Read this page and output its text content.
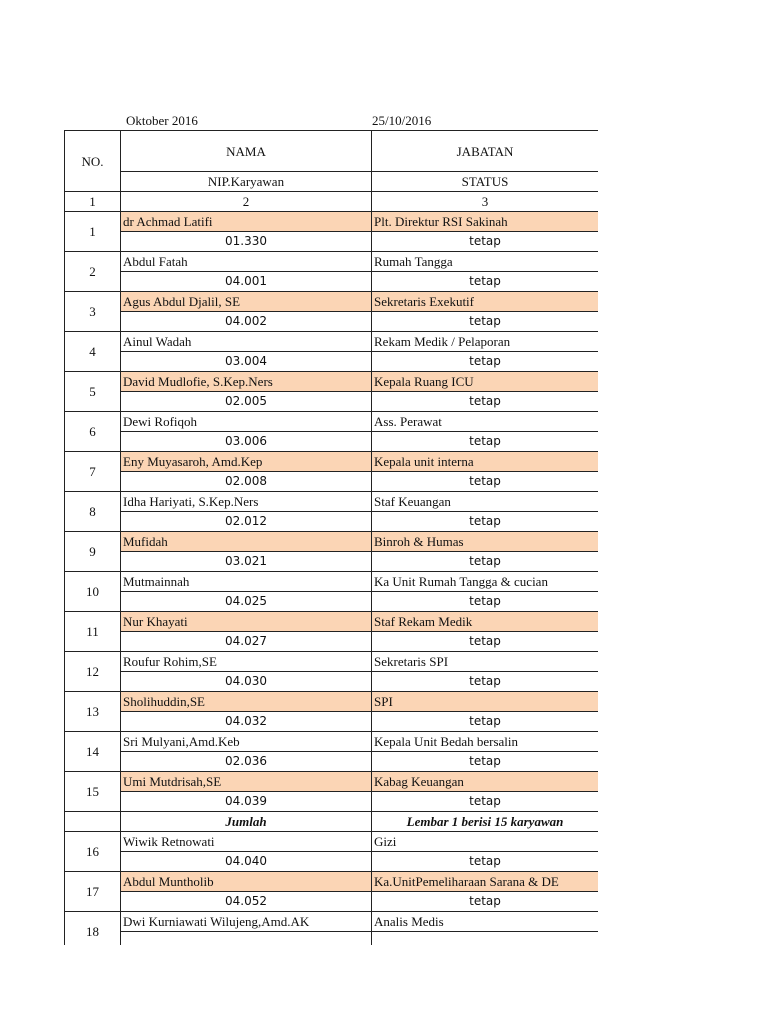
Oktober 2016	25/10/2016
NO.	NAMA	JABATAN
	NIP.Karyawan	STATUS
1	2	3
1	dr Achmad Latifi	Plt. Direktur RSI Sakinah
	01.330	tetap
2	Abdul Fatah	Rumah Tangga
	04.001	tetap
3	Agus Abdul Djalil, SE	Sekretaris Exekutif
	04.002	tetap
4	Ainul Wadah	Rekam Medik / Pelaporan
	03.004	tetap
5	David Mudlofie, S.Kep.Ners	Kepala Ruang ICU
	02.005	tetap
6	Dewi Rofiqoh	Ass. Perawat
	03.006	tetap
7	Eny Muyasaroh, Amd.Kep	Kepala unit interna
	02.008	tetap
8	Idha Hariyati, S.Kep.Ners	Staf Keuangan
	02.012	tetap
9	Mufidah	Binroh & Humas
	03.021	tetap
10	Mutmainnah	Ka Unit Rumah Tangga & cucian
	04.025	tetap
11	Nur Khayati	Staf Rekam Medik
	04.027	tetap
12	Roufur Rohim,SE	Sekretaris SPI
	04.030	tetap
13	Sholihuddin,SE	SPI
	04.032	tetap
14	Sri Mulyani,Amd.Keb	Kepala Unit Bedah bersalin
	02.036	tetap
15	Umi Mutdrisah,SE	Kabag Keuangan
	04.039	tetap
	Jumlah	Lembar 1 berisi 15 karyawan
16	Wiwik Retnowati	Gizi
	04.040	tetap
17	Abdul Muntholib	Ka.UnitPemeliharaan Sarana & DE
	04.052	tetap
18	Dwi Kurniawati Wilujeng,Amd.AK	Analis Medis
